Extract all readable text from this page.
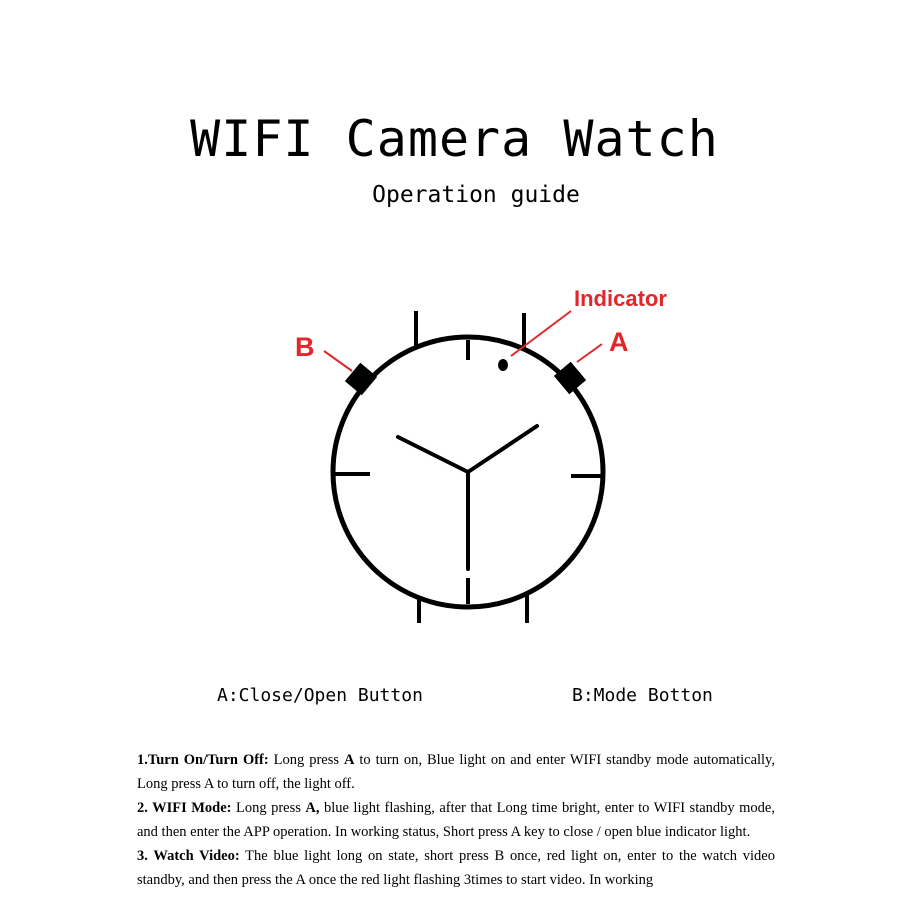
WIFI Camera Watch
Operation guide
B	A
Indicator
A:Close/Open Button	B:Mode Botton

1.Turn On/Turn Off: Long press A to turn on, Blue light on and enter WIFI standby mode automatically, Long press A to turn off, the light off.

2. WIFI Mode: Long press A, blue light flashing, after that Long time bright, enter to WIFI standby mode, and then enter the APP operation. In working status, Short press A key to close / open blue indicator light.

3. Watch Video: The blue light long on state, short press B once, red light on, enter to the watch video standby, and then press the A once the red light flashing 3times to start video. In working
